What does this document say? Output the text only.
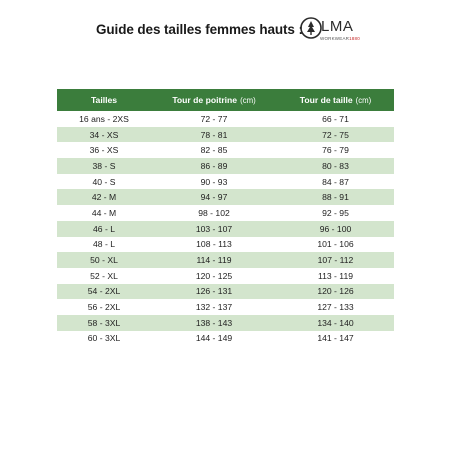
Guide des tailles femmes hauts : LMA
WORKWEAR1880
Tailles	Tour de poitrine (cm)	Tour de taille (cm)
16 ans - 2XS	72 - 77	66 - 71
34 - XS	78 - 81	72 - 75
36 - XS	82 - 85	76 - 79
38 - S	86 - 89	80 - 83
40 - S	90 - 93	84 - 87
42 - M	94 - 97	88 - 91
44 - M	98 - 102	92 - 95
46 - L	103 - 107	96 - 100
48 - L	108 - 113	101 - 106
50 - XL	114 - 119	107 - 112
52 - XL	120 - 125	113 - 119
54 - 2XL	126 - 131	120 - 126
56 - 2XL	132 - 137	127 - 133
58 - 3XL	138 - 143	134 - 140
60 - 3XL	144 - 149	141 - 147
